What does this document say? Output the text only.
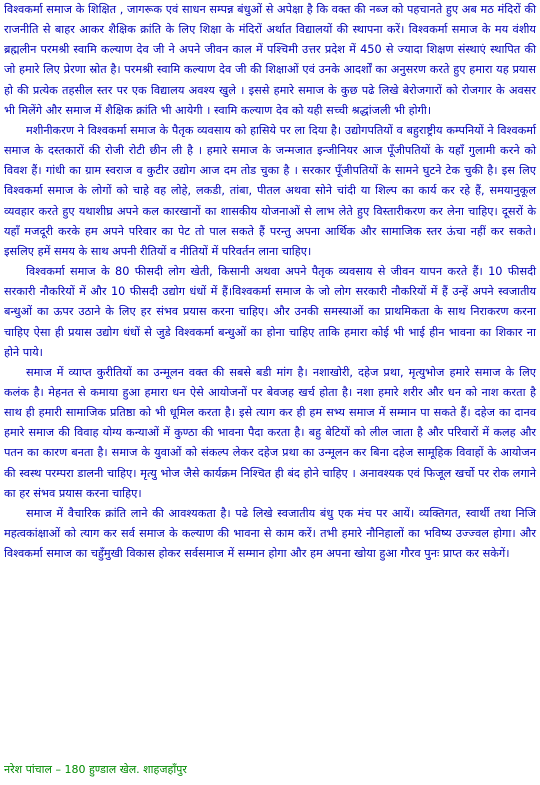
विश्वकर्मा समाज के शिक्षित , जागरूक एवं साधन सम्पन्न बंधुओं से अपेक्षा है कि वक्त की नब्ज को पहचानते हुए अब मठ मंदिरों की राजनीति से बाहर आकर शैक्षिक क्रांति के लिए शिक्षा के मंदिरों अर्थात विद्यालयों की स्थापना करें। विश्वकर्मा समाज के मय वंशीय ब्रह्मलीन परमश्री स्वामि कल्याण देव जी ने अपने जीवन काल में पश्चिमी उत्तर प्रदेश में 450 से ज्यादा शिक्षण संस्थाएं स्थापित की जो हमारे लिए प्रेरणा स्रोत है। परमश्री स्वामि कल्याण देव जी की शिक्षाओं एवं उनके आदर्शों का अनुसरण करते हुए हमारा यह प्रयास हो की प्रत्येक तहसील स्तर पर एक विद्यालय अवश्य खुले । इससे हमारे समाज के कुछ पढे लिखे बेरोजगारों को रोजगार के अवसर भी मिलेंगे और समाज में शैक्षिक क्रांति भी आयेगी । स्वामि कल्याण देव को यही सच्ची श्रद्धांजली भी होगी।

मशीनीकरण ने विश्वकर्मा समाज के पैतृक व्यवसाय को हासिये पर ला दिया है। उद्योगपतियों व बहुराष्ट्रीय कम्पनियों ने विश्वकर्मा समाज के दस्तकारों की रोजी रोटी छीन ली है । हमारे समाज के जन्मजात इन्जीनियर आज पूँजीपतियों के यहाँ गुलामी करने को विवश हैं। गांधी का ग्राम स्वराज व कुटीर उद्योग आज दम तोड चुका है । सरकार पूँजीपतियों के सामने घुटने टेक चुकी है। इस लिए विश्वकर्मा समाज के लोगों को चाहे वह लोहे, लकडी, तांबा, पीतल अथवा सोने चांदी या शिल्प का कार्य कर रहे हैं, समयानुकूल व्यवहार करते हुए यथाशीघ्र अपने कल कारखानों का शासकीय योजनाओं से लाभ लेते हुए विस्तारीकरण कर लेना चाहिए। दूसरों के यहाँ मजदूरी करके हम अपने परिवार का पेट तो पाल सकते हैं परन्तु अपना आर्थिक और सामाजिक स्तर ऊंचा नहीं कर सकते। इसलिए हमें समय के साथ अपनी रीतियों व नीतियों में परिवर्तन लाना चाहिए।

विश्वकर्मा समाज के 80 फीसदी लोग खेती, किसानी अथवा अपने पैतृक व्यवसाय से जीवन यापन करते हैं। 10 फीसदी सरकारी नौकरियों में और 10 फीसदी उद्योग धंधों में हैं।विश्वकर्मा समाज के जो लोग सरकारी नौकरियों में हैं उन्हें अपने स्वजातीय बन्धुओं का ऊपर उठाने के लिए हर संभव प्रयास करना चाहिए। और उनकी समस्याओं का प्राथमिकता के साथ निराकरण करना चाहिए ऐसा ही प्रयास उद्योग धंधों से जुडे विश्वकर्मा बन्धुओं का होना चाहिए ताकि हमारा कोई भी भाई हीन भावना का शिकार ना होने पाये।

समाज में व्याप्त कुरीतियों का उन्मूलन वक्त की सबसे बडी मांग है। नशाखोरी, दहेज प्रथा, मृत्युभोज हमारे समाज के लिए कलंक है। मेहनत से कमाया हुआ हमारा धन ऐसे आयोजनों पर बेवजह खर्च होता है। नशा हमारे शरीर और धन को नाश करता है साथ ही हमारी सामाजिक प्रतिष्ठा को भी धूमिल करता है। इसे त्याग कर ही हम सभ्य समाज में सम्मान पा सकते हैं। दहेज का दानव हमारे समाज की विवाह योग्य कन्याओं में कुण्ठा की भावना पैदा करता है। बहु बेटियों को लील जाता है और परिवारों में कलह और पतन का कारण बनता है। समाज के युवाओं को संकल्प लेकर दहेज प्रथा का उन्मूलन कर बिना दहेज सामूहिक विवाहों के आयोजन की स्वस्थ परम्परा डालनी चाहिए। मृत्यु भोज जैसे कार्यक्रम निश्चित ही बंद होने चाहिए । अनावश्यक एवं फिजूल खर्चो पर रोक लगाने का हर संभव प्रयास करना चाहिए।

समाज में वैचारिक क्रांति लाने की आवश्यकता है। पढे लिखे स्वजातीय बंधु एक मंच पर आयें। व्यक्तिगत, स्वार्थी तथा निजि महत्वकांक्षाओं को त्याग कर सर्व समाज के कल्याण की भावना से काम करें। तभी हमारे नौनिहालों का भविष्य उज्ज्वल होगा। और विश्वकर्मा समाज का चहुँमुखी विकास होकर सर्वसमाज में सम्मान होगा और हम अपना खोया हुआ गौरव पुनः प्राप्त कर सकेगें।

नरेश पांचाल – 180 हुण्डाल खेल. शाहजहाँपुर
